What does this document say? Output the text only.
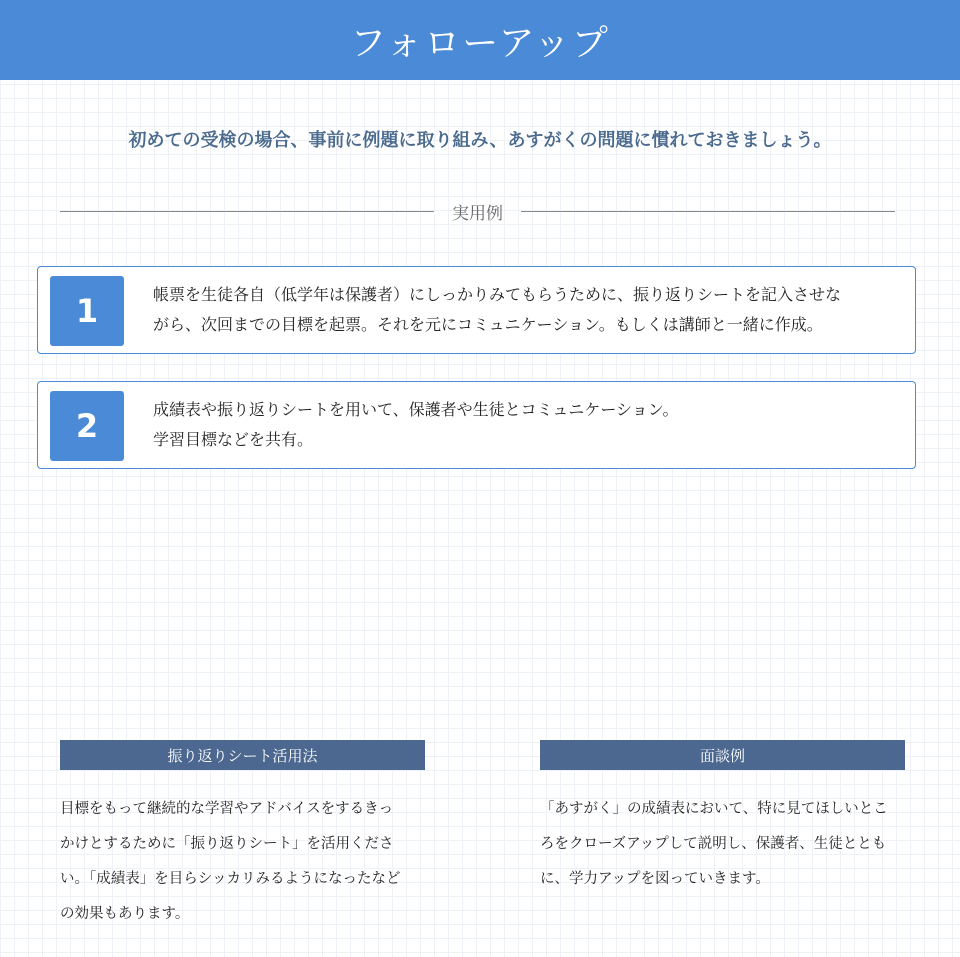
フォローアップ
初めての受検の場合、事前に例題に取り組み、あすがくの問題に慣れておきましょう。
実用例
1	帳票を生徒各自（低学年は保護者）にしっかりみてもらうために、振り返りシートを記入させな
がら、次回までの目標を起票。それを元にコミュニケーション。もしくは講師と一緒に作成。
2	成績表や振り返りシートを用いて、保護者や生徒とコミュニケーション。
学習目標などを共有。
振り返りシート活用法
目標をもって継続的な学習やアドバイスをするきっ
かけとするために「振り返りシート」を活用くださ
い。「成績表」を目らシッカリみるようになったなど
の効果もあります。
面談例
「あすがく」の成績表において、特に見てほしいとこ
ろをクローズアップして説明し、保護者、生徒ととも
に、学力アップを図っていきます。
